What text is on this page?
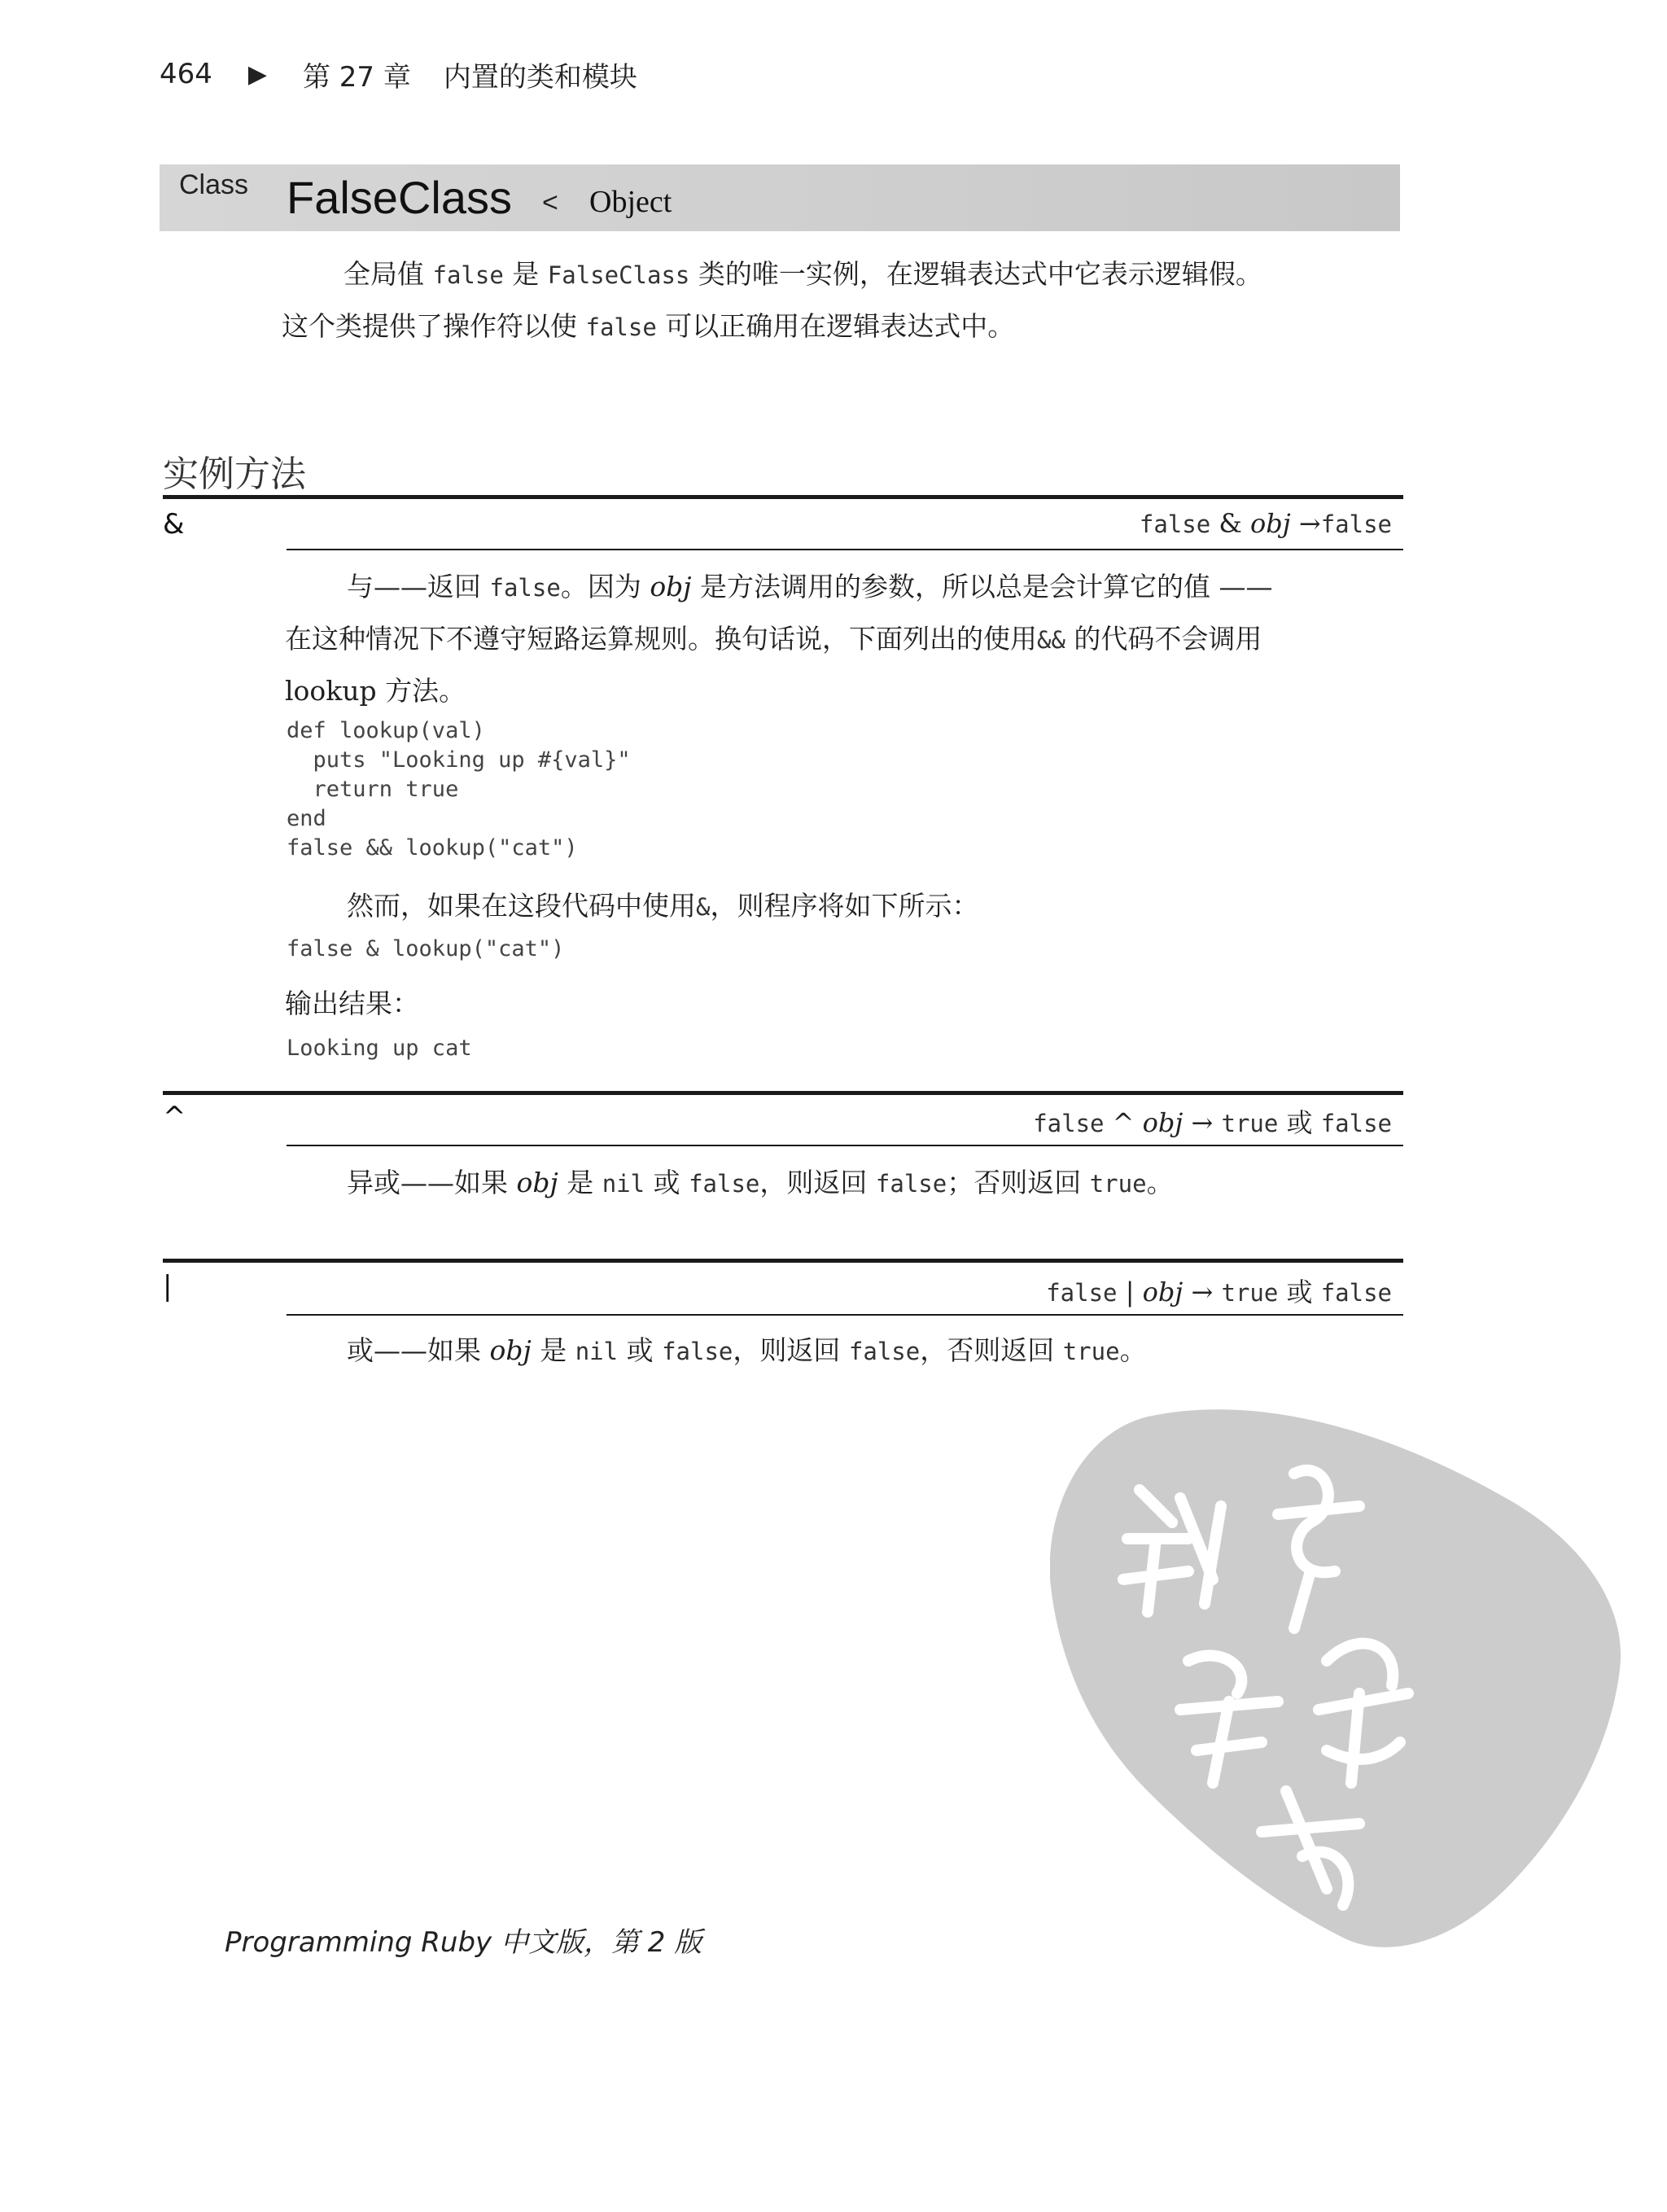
464 ▶ 第 27 章 内置的类和模块
Class FalseClass < Object
全局值 false 是 FalseClass 类的唯一实例，在逻辑表达式中它表示逻辑假。
这个类提供了操作符以使 false 可以正确用在逻辑表达式中。
实例方法
&	false & obj →false
与——返回 false。因为 obj 是方法调用的参数，所以总是会计算它的值 ——
在这种情况下不遵守短路运算规则。换句话说，下面列出的使用&& 的代码不会调用
lookup 方法。
def lookup(val)
puts "Looking up #{val}"
return true
end
false && lookup("cat")
然而，如果在这段代码中使用&，则程序将如下所示：
false & lookup("cat")
输出结果：
Looking up cat
^	false ^ obj → true 或 false
异或——如果 obj 是 nil 或 false，则返回 false；否则返回 true。
|	false | obj → true 或 false
或——如果 obj 是 nil 或 false，则返回 false，否则返回 true。
Programming Ruby 中文版，第 2 版
